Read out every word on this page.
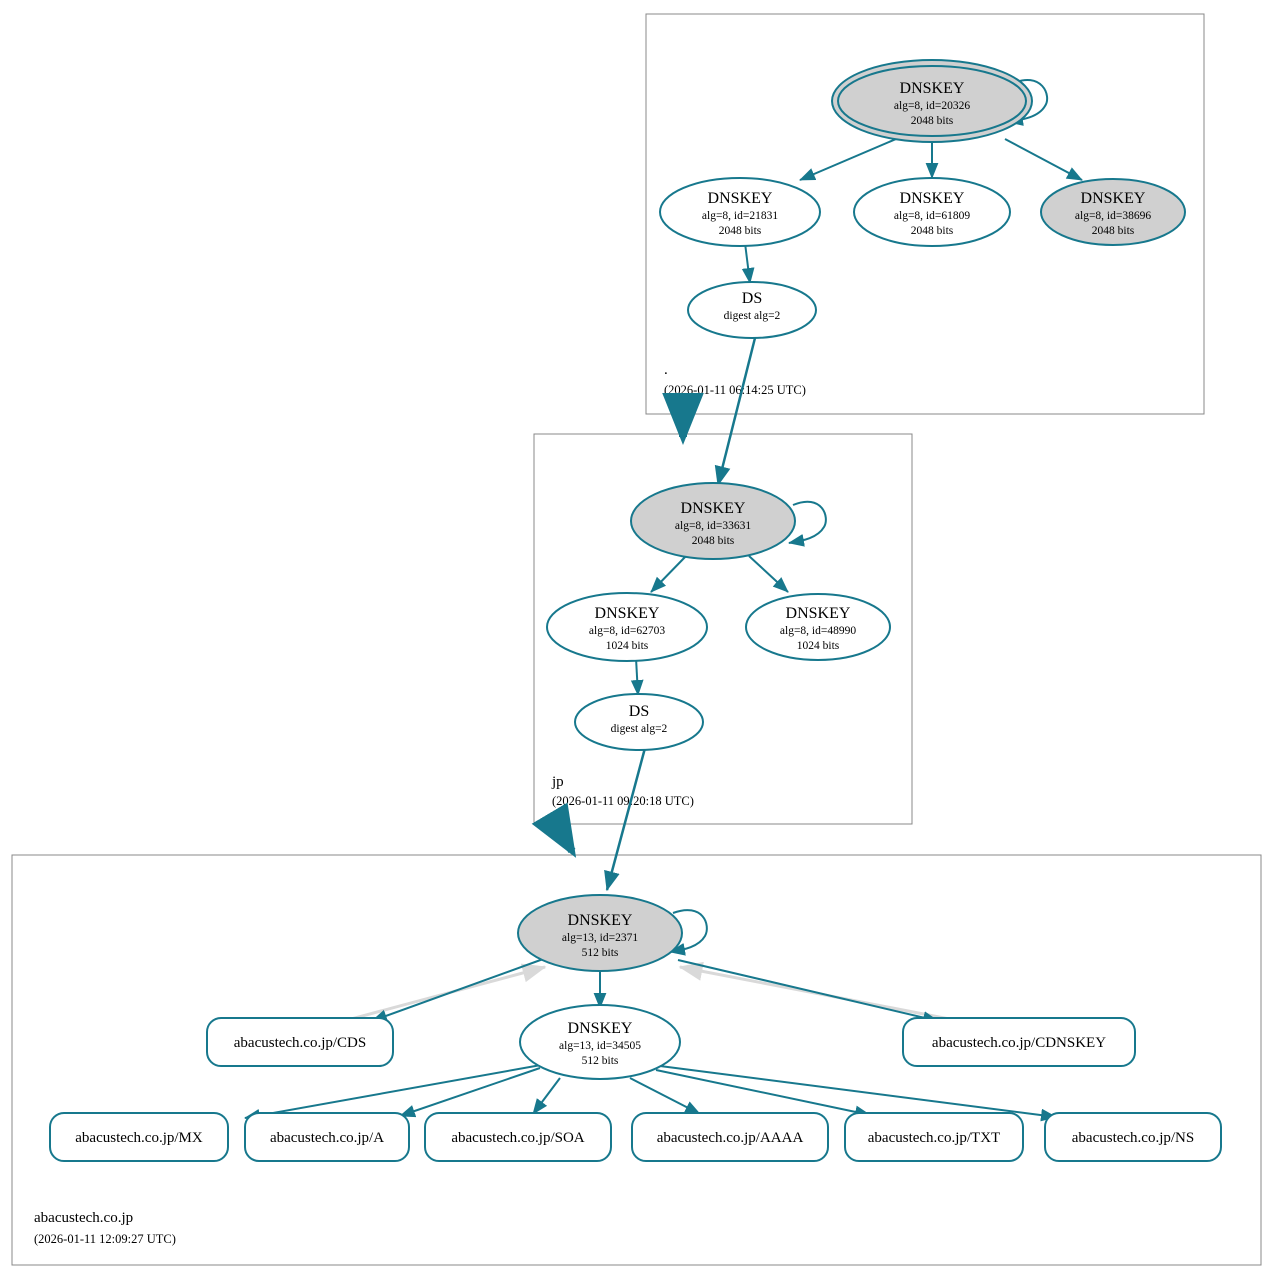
.
(2026-01-11 06:14:25 UTC)
jp
(2026-01-11 09:20:18 UTC)
abacustech.co.jp
(2026-01-11 12:09:27 UTC)
DNSKEY
alg=8, id=20326
2048 bits
DNSKEY
alg=8, id=21831
2048 bits
DNSKEY
alg=8, id=61809
2048 bits
DNSKEY
alg=8, id=38696
2048 bits
DS
digest alg=2
DNSKEY
alg=8, id=33631
2048 bits
DNSKEY
alg=8, id=62703
1024 bits
DNSKEY
alg=8, id=48990
1024 bits
DS
digest alg=2
DNSKEY
alg=13, id=2371
512 bits
DNSKEY
alg=13, id=34505
512 bits
abacustech.co.jp/CDS	abacustech.co.jp/CDNSKEY
abacustech.co.jp/MX	abacustech.co.jp/A	abacustech.co.jp/SOA	abacustech.co.jp/AAAA	abacustech.co.jp/TXT	abacustech.co.jp/NS
